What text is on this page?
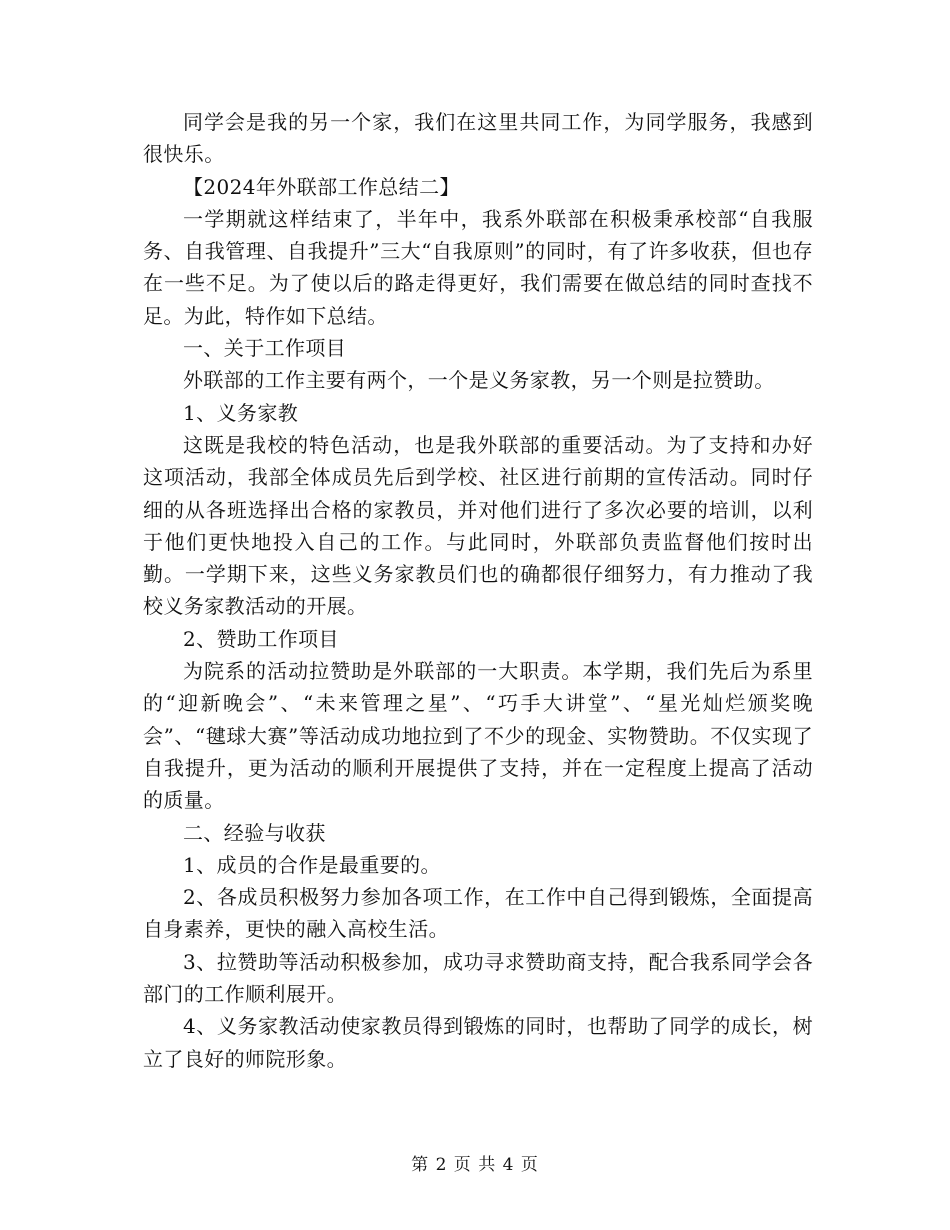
同学会是我的另一个家，我们在这里共同工作，为同学服务，我感到很快乐。

【2024年外联部工作总结二】

一学期就这样结束了，半年中，我系外联部在积极秉承校部“自我服务、自我管理、自我提升”三大“自我原则”的同时，有了许多收获，但也存在一些不足。为了使以后的路走得更好，我们需要在做总结的同时查找不足。为此，特作如下总结。

一、关于工作项目

外联部的工作主要有两个，一个是义务家教，另一个则是拉赞助。

1、义务家教

这既是我校的特色活动，也是我外联部的重要活动。为了支持和办好这项活动，我部全体成员先后到学校、社区进行前期的宣传活动。同时仔细的从各班选择出合格的家教员，并对他们进行了多次必要的培训，以利于他们更快地投入自己的工作。与此同时，外联部负责监督他们按时出勤。一学期下来，这些义务家教员们也的确都很仔细努力，有力推动了我校义务家教活动的开展。

2、赞助工作项目

为院系的活动拉赞助是外联部的一大职责。本学期，我们先后为系里的“迎新晚会”、“未来管理之星”、“巧手大讲堂”、“星光灿烂颁奖晚会”、“毽球大赛”等活动成功地拉到了不少的现金、实物赞助。不仅实现了自我提升，更为活动的顺利开展提供了支持，并在一定程度上提高了活动的质量。

二、经验与收获

1、成员的合作是最重要的。

2、各成员积极努力参加各项工作，在工作中自己得到锻炼，全面提高自身素养，更快的融入高校生活。

3、拉赞助等活动积极参加，成功寻求赞助商支持，配合我系同学会各部门的工作顺利展开。

4、义务家教活动使家教员得到锻炼的同时，也帮助了同学的成长，树立了良好的师院形象。

第 2 页 共 4 页
